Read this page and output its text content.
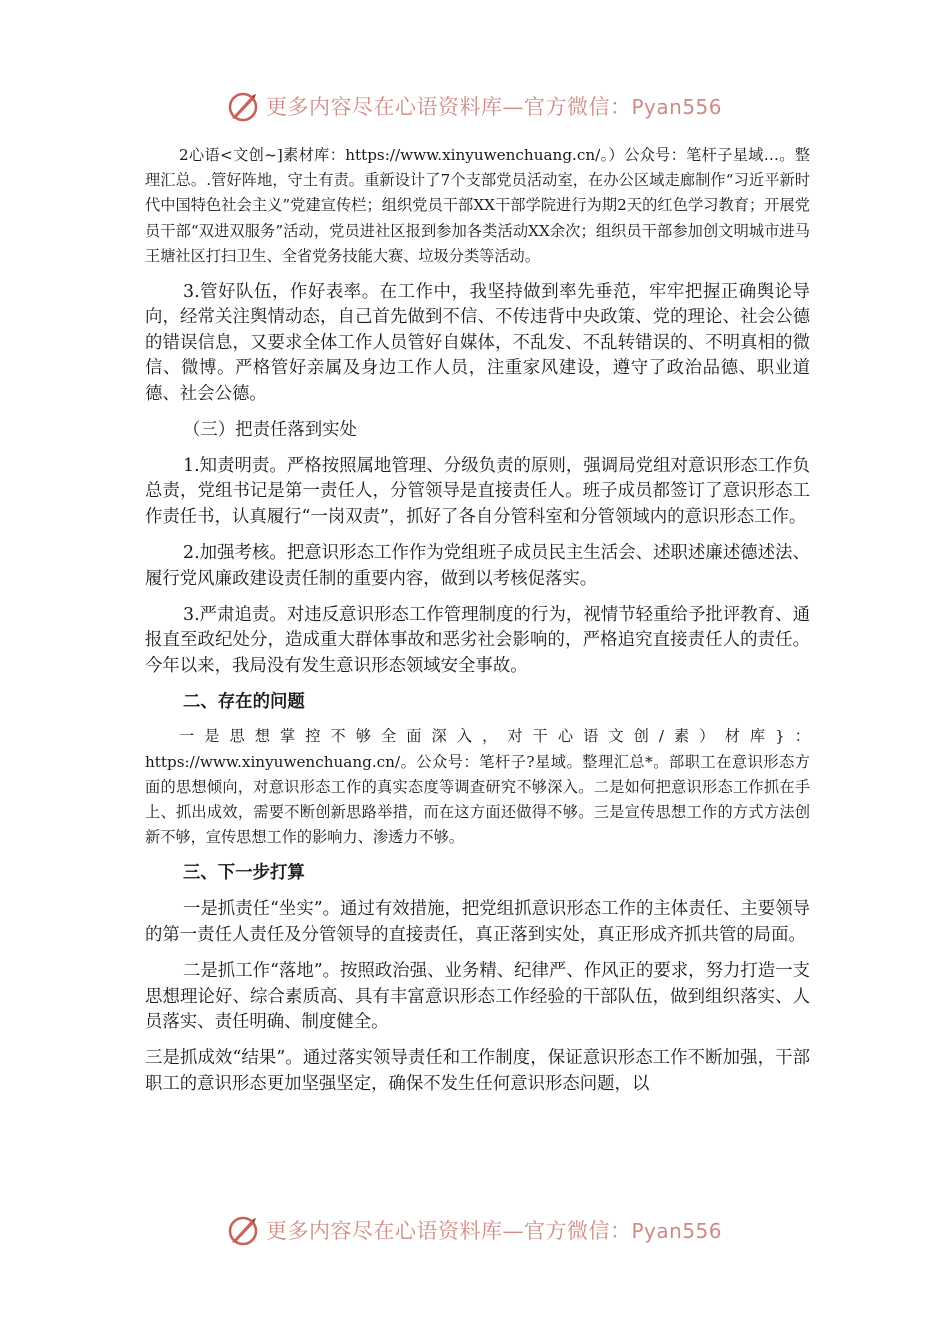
更多内容尽在心语资料库—官方微信：Pyan556

2心语<文创~]素材库：https://www.xinyuwenchuang.cn/。）公众号：笔杆子星域…。整理汇总。.管好阵地，守土有责。重新设计了7个支部党员活动室，在办公区域走廊制作“习近平新时代中国特色社会主义”党建宣传栏；组织党员干部XX干部学院进行为期2天的红色学习教育；开展党员干部“双进双服务”活动，党员进社区报到参加各类活动XX余次；组织员干部参加创文明城市进马王塘社区打扫卫生、全省党务技能大赛、垃圾分类等活动。

3.管好队伍，作好表率。在工作中，我坚持做到率先垂范，牢牢把握正确舆论导向，经常关注舆情动态，自己首先做到不信、不传违背中央政策、党的理论、社会公德的错误信息，又要求全体工作人员管好自媒体，不乱发、不乱转错误的、不明真相的微信、微博。严格管好亲属及身边工作人员，注重家风建设，遵守了政治品德、职业道德、社会公德。

（三）把责任落到实处

1.知责明责。严格按照属地管理、分级负责的原则，强调局党组对意识形态工作负总责，党组书记是第一责任人，分管领导是直接责任人。班子成员都签订了意识形态工作责任书，认真履行“一岗双责”，抓好了各自分管科室和分管领域内的意识形态工作。

2.加强考核。把意识形态工作作为党组班子成员民主生活会、述职述廉述德述法、履行党风廉政建设责任制的重要内容，做到以考核促落实。

3.严肃追责。对违反意识形态工作管理制度的行为，视情节轻重给予批评教育、通报直至政纪处分，造成重大群体事故和恶劣社会影响的，严格追究直接责任人的责任。今年以来，我局没有发生意识形态领域安全事故。

二、存在的问题

一是思想掌控不够全面深入，对干心语文创/素）材库}：https://www.xinyuwenchuang.cn/。公众号：笔杆子?星域。整理汇总*。部职工在意识形态方面的思想倾向，对意识形态工作的真实态度等调查研究不够深入。二是如何把意识形态工作抓在手上、抓出成效，需要不断创新思路举措，而在这方面还做得不够。三是宣传思想工作的方式方法创新不够，宣传思想工作的影响力、渗透力不够。

三、下一步打算

一是抓责任“坐实”。通过有效措施，把党组抓意识形态工作的主体责任、主要领导的第一责任人责任及分管领导的直接责任，真正落到实处，真正形成齐抓共管的局面。

二是抓工作“落地”。按照政治强、业务精、纪律严、作风正的要求，努力打造一支思想理论好、综合素质高、具有丰富意识形态工作经验的干部队伍，做到组织落实、人员落实、责任明确、制度健全。

三是抓成效“结果”。通过落实领导责任和工作制度，保证意识形态工作不断加强，干部职工的意识形态更加坚强坚定，确保不发生任何意识形态问题，以

更多内容尽在心语资料库—官方微信：Pyan556
